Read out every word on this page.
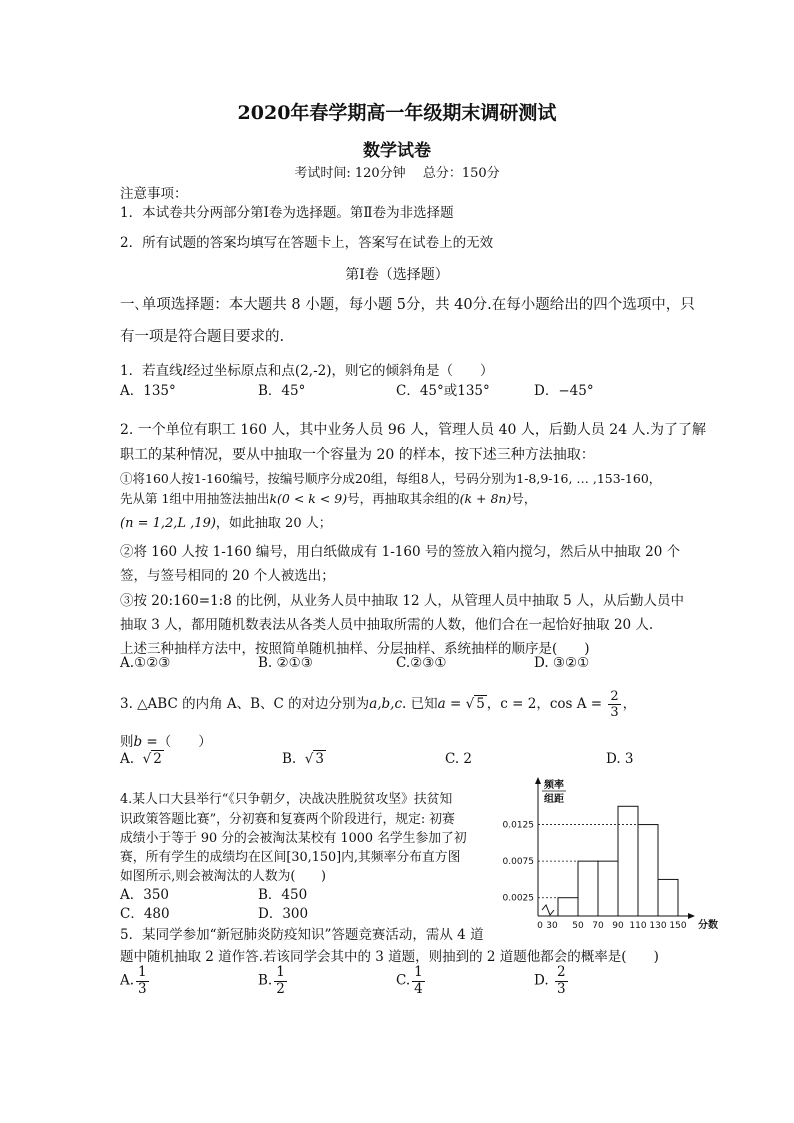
2020年春学期高一年级期末调研测试
数学试卷
考试时间: 120分钟　 总分：150分
注意事项：
1．本试卷共分两部分第Ⅰ卷为选择题。第Ⅱ卷为非选择题
2．所有试题的答案均填写在答题卡上，答案写在试卷上的无效
第Ⅰ卷（选择题）
一､单项选择题：本大题共 8 小题，每小题 5分，共 40分.在每小题给出的四个选项中，只
有一项是符合题目要求的.
1．若直线l经过坐标原点和点(2,-2)，则它的倾斜角是（　　）
A．135°	B．45°	C．45°或135°	D．−45°
2. 一个单位有职工 160 人，其中业务人员 96 人，管理人员 40 人，后勤人员 24 人.为了了解
职工的某种情况，要从中抽取一个容量为 20 的样本，按下述三种方法抽取：
①将160人按1-160编号，按编号顺序分成20组，每组8人，号码分别为1-8,9-16, … ,153-160，
先从第 1组中用抽签法抽出k(0 < k < 9)号，再抽取其余组的(k + 8n)号，
(n = 1,2,L ,19)，如此抽取 20 人；
②将 160 人按 1-160 编号，用白纸做成有 1-160 号的签放入箱内搅匀，然后从中抽取 20 个
签，与签号相同的 20 个人被选出；
③按 20:160=1:8 的比例，从业务人员中抽取 12 人，从管理人员中抽取 5 人，从后勤人员中
抽取 3 人，都用随机数表法从各类人员中抽取所需的人数，他们合在一起恰好抽取 20 人.
上述三种抽样方法中，按照简单随机抽样、分层抽样、系统抽样的顺序是(　　)
A.①②③	B. ②①③	C.②③①	D. ③②①
3. △ABC 的内角 A、B、C 的对边分别为a,b,c. 已知a = √ 5 ，c = 2，$\cos A = \frac{2}{3}$ ，
则b =（　　）
A.  √ 2	B.  √ 3	C. 2	D. 3
4.某人口大县举行“《只争朝夕，决战决胜脱贫攻坚》扶贫知
识政策答题比赛”，分初赛和复赛两个阶段进行，规定: 初赛
成绩小于等于 90 分的会被淘汰某校有 1000 名学生参加了初
赛，所有学生的成绩均在区间[30,150]内,其频率分布直方图
如图所示,则会被淘汰的人数为(　　)
A．350	B．450
C．480	D．300
0.0025
0.0075
0.0125
0 30 50 70 90 110 130 150
频率
组距
分数
5．某同学参加“新冠肺炎防疫知识”答题竞赛活动，需从 4 道
题中随机抽取 2 道作答.若该同学会其中的 3 道题，则抽到的 2 道题他都会的概率是(　　)
A. $\frac{1}{3}$	B. $\frac{1}{2}$	C. $\frac{1}{4}$	D. $\frac{2}{3}$
